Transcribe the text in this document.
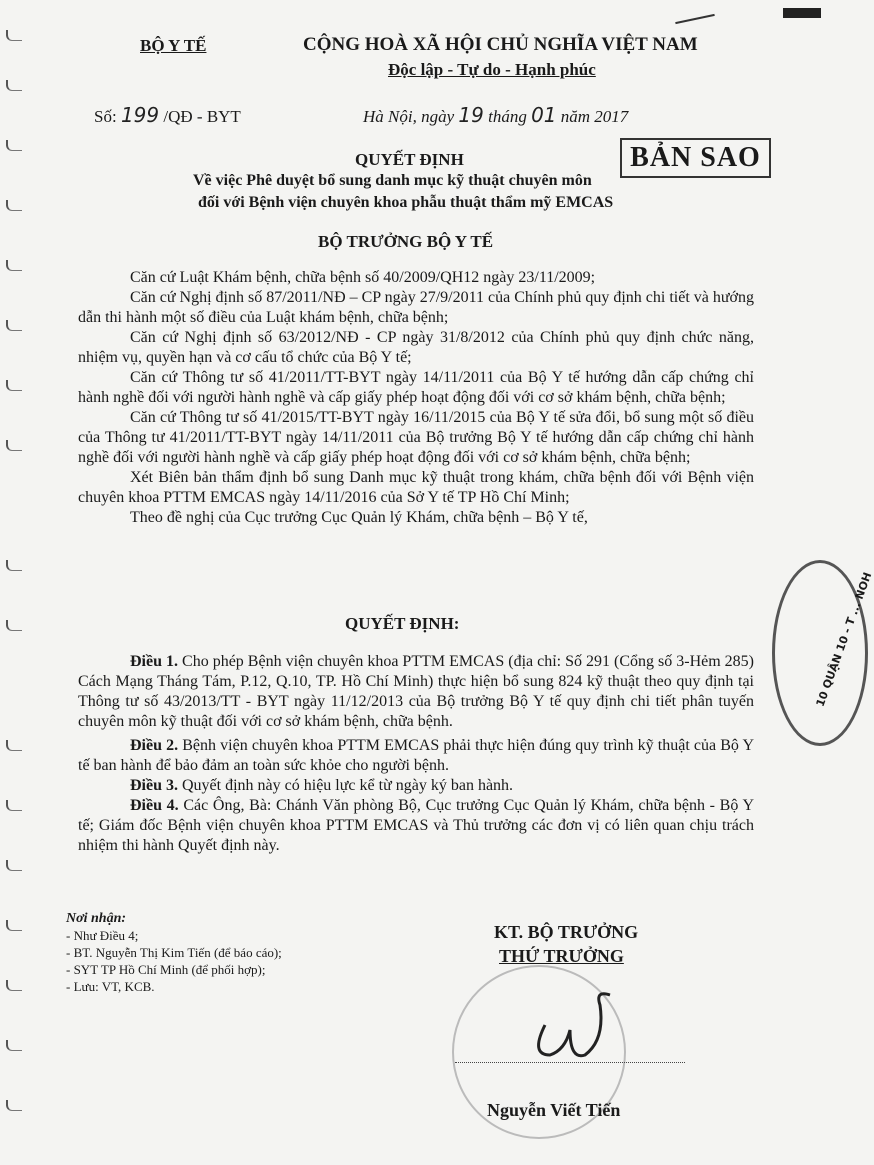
BỘ Y TẾ	CỘNG HOÀ XÃ HỘI CHỦ NGHĨA VIỆT NAM
Độc lập - Tự do - Hạnh phúc
Số: 199 /QĐ - BYT	Hà Nội, ngày 19 tháng 01 năm 2017
BẢN SAO
QUYẾT ĐỊNH
Về việc Phê duyệt bổ sung danh mục kỹ thuật chuyên môn
đối với Bệnh viện chuyên khoa phẫu thuật thẩm mỹ EMCAS
BỘ TRƯỞNG BỘ Y TẾ

Căn cứ Luật Khám bệnh, chữa bệnh số 40/2009/QH12 ngày 23/11/2009;

Căn cứ Nghị định số 87/2011/NĐ – CP ngày 27/9/2011 của Chính phủ quy định chi tiết và hướng dẫn thi hành một số điều của Luật khám bệnh, chữa bệnh;

Căn cứ Nghị định số 63/2012/NĐ - CP ngày 31/8/2012 của Chính phủ quy định chức năng, nhiệm vụ, quyền hạn và cơ cấu tổ chức của Bộ Y tế;

Căn cứ Thông tư số 41/2011/TT-BYT ngày 14/11/2011 của Bộ Y tế hướng dẫn cấp chứng chỉ hành nghề đối với người hành nghề và cấp giấy phép hoạt động đối với cơ sở khám bệnh, chữa bệnh;

Căn cứ Thông tư số 41/2015/TT-BYT ngày 16/11/2015 của Bộ Y tế sửa đổi, bổ sung một số điều của Thông tư 41/2011/TT-BYT ngày 14/11/2011 của Bộ trưởng Bộ Y tế hướng dẫn cấp chứng chỉ hành nghề đối với người hành nghề và cấp giấy phép hoạt động đối với cơ sở khám bệnh, chữa bệnh;

Xét Biên bản thẩm định bổ sung Danh mục kỹ thuật trong khám, chữa bệnh đối với Bệnh viện chuyên khoa PTTM EMCAS ngày 14/11/2016 của Sở Y tế TP Hồ Chí Minh;

Theo đề nghị của Cục trưởng Cục Quản lý Khám, chữa bệnh – Bộ Y tế,

QUYẾT ĐỊNH:

Điều 1. Cho phép Bệnh viện chuyên khoa PTTM EMCAS (địa chỉ: Số 291 (Cổng số 3-Hẻm 285) Cách Mạng Tháng Tám, P.12, Q.10, TP. Hồ Chí Minh) thực hiện bổ sung 824 kỹ thuật theo quy định tại Thông tư số 43/2013/TT - BYT ngày 11/12/2013 của Bộ trưởng Bộ Y tế quy định chi tiết phân tuyến chuyên môn kỹ thuật đối với cơ sở khám bệnh, chữa bệnh.

Điều 2. Bệnh viện chuyên khoa PTTM EMCAS phải thực hiện đúng quy trình kỹ thuật của Bộ Y tế ban hành để bảo đảm an toàn sức khỏe cho người bệnh.

Điều 3. Quyết định này có hiệu lực kể từ ngày ký ban hành.

Điều 4. Các Ông, Bà: Chánh Văn phòng Bộ, Cục trưởng Cục Quản lý Khám, chữa bệnh - Bộ Y tế; Giám đốc Bệnh viện chuyên khoa PTTM EMCAS và Thủ trưởng các đơn vị có liên quan chịu trách nhiệm thi hành Quyết định này.

Nơi nhận:
- Như Điều 4;
- BT. Nguyễn Thị Kim Tiến (để báo cáo);
- SYT TP Hồ Chí Minh (để phối hợp);
- Lưu: VT, KCB.
KT. BỘ TRƯỞNG
THỨ TRƯỞNG
Nguyễn Viết Tiến
10 QUẬN 10 - T ... NOH
